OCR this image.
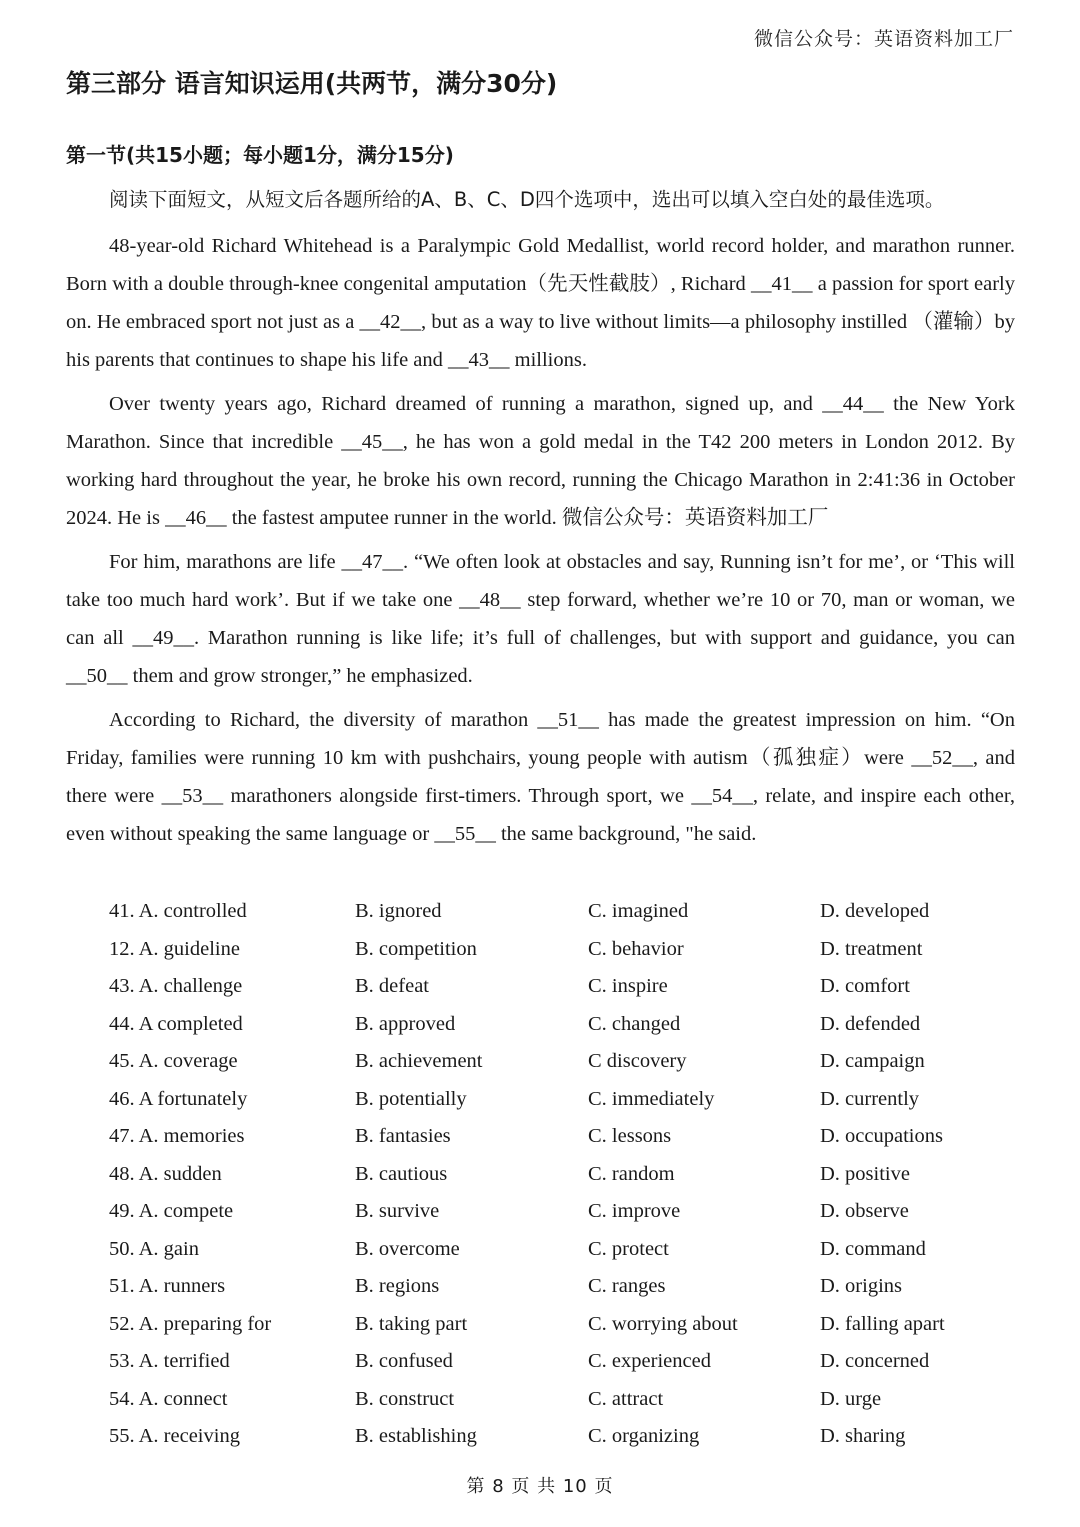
微信公众号：英语资料加工厂
第三部分 语言知识运用(共两节，满分30分)
第一节(共15小题；每小题1分，满分15分)

阅读下面短文，从短文后各题所给的A、B、C、D四个选项中，选出可以填入空白处的最佳选项。

48-year-old Richard Whitehead is a Paralympic Gold Medallist, world record holder, and marathon runner. Born with a double through-knee congenital amputation（先天性截肢）, Richard __41__ a passion for sport early on. He embraced sport not just as a __42__, but as a way to live without limits—a philosophy instilled （灌输）by his parents that continues to shape his life and __43__ millions.

Over twenty years ago, Richard dreamed of running a marathon, signed up, and __44__ the New York Marathon. Since that incredible __45__, he has won a gold medal in the T42 200 meters in London 2012. By working hard throughout the year, he broke his own record, running the Chicago Marathon in 2:41:36 in October 2024. He is __46__ the fastest amputee runner in the world. 微信公众号：英语资料加工厂

For him, marathons are life __47__. “We often look at obstacles and say, Running isn’t for me’, or ‘This will take too much hard work’. But if we take one __48__ step forward, whether we’re 10 or 70, man or woman, we can all __49__. Marathon running is like life; it’s full of challenges, but with support and guidance, you can __50__ them and grow stronger,” he emphasized.

According to Richard, the diversity of marathon __51__ has made the greatest impression on him. “On Friday, families were running 10 km with pushchairs, young people with autism（孤独症）were __52__, and there were __53__ marathoners alongside first-timers. Through sport, we __54__, relate, and inspire each other, even without speaking the same language or __55__ the same background, "he said.

41. A. controlled	B. ignored	C. imagined	D. developed
12. A. guideline	B. competition	C. behavior	D. treatment
43. A. challenge	B. defeat	C. inspire	D. comfort
44. A completed	B. approved	C. changed	D. defended
45. A. coverage	B. achievement	C discovery	D. campaign
46. A fortunately	B. potentially	C. immediately	D. currently
47. A. memories	B. fantasies	C. lessons	D. occupations
48. A. sudden	B. cautious	C. random	D. positive
49. A. compete	B. survive	C. improve	D. observe
50. A. gain	B. overcome	C. protect	D. command
51. A. runners	B. regions	C. ranges	D. origins
52. A. preparing for	B. taking part	C. worrying about	D. falling apart
53. A. terrified	B. confused	C. experienced	D. concerned
54. A. connect	B. construct	C. attract	D. urge
55. A. receiving	B. establishing	C. organizing	D. sharing
第 8 页 共 10 页
